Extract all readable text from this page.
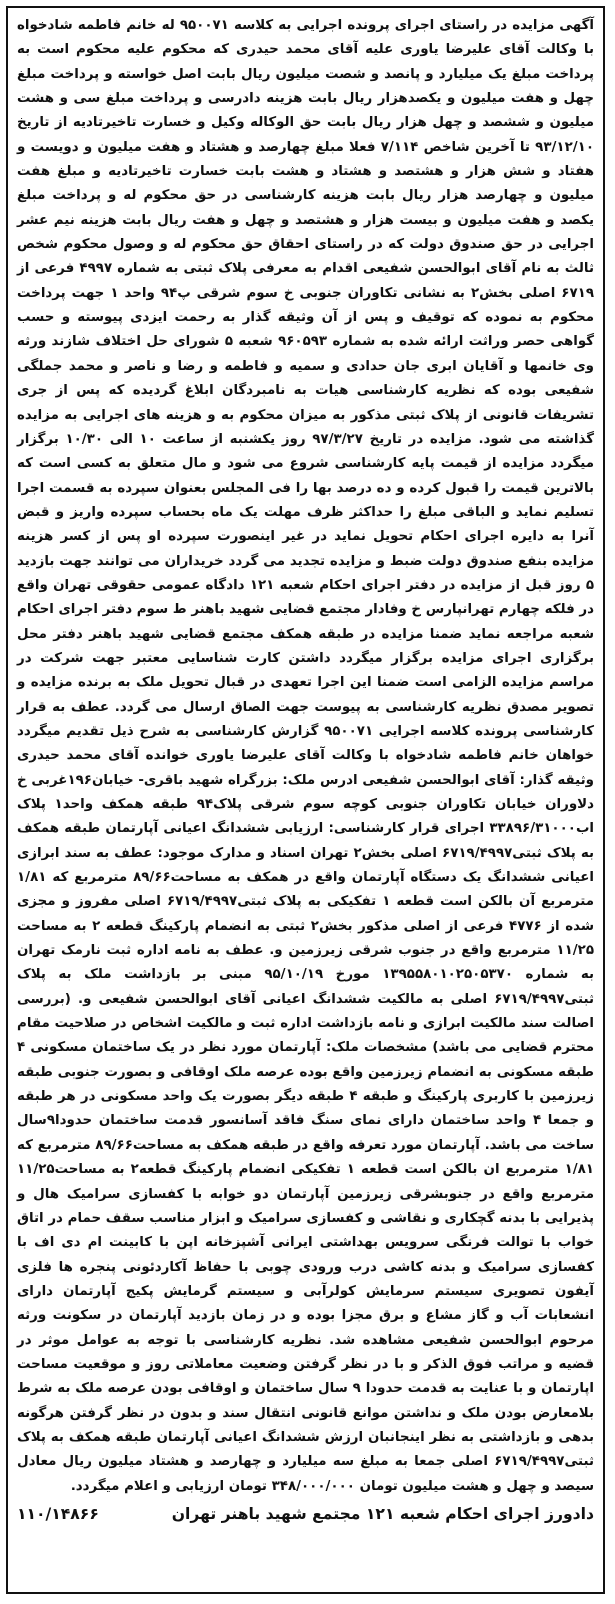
آگهی مزایده در راستای اجرای پرونده اجرایی به کلاسه ۹۵۰۰۷۱ له خانم فاطمه شادخواه با وکالت آقای علیرضا یاوری علیه آقای محمد حیدری که محکوم علیه محکوم است به پرداخت مبلغ یک میلیارد و پانصد و شصت میلیون ریال بابت اصل خواسته و پرداخت مبلغ چهل و هفت میلیون و یکصدهزار ریال بابت هزینه دادرسی و پرداخت مبلغ سی و هشت میلیون و ششصد و چهل هزار ریال بابت حق الوکاله وکیل و خسارت تاخیرتادیه از تاریخ ۹۳/۱۲/۱۰ تا آخرین شاخص ۷/۱۱۴ فعلا مبلغ چهارصد و هشتاد و هفت میلیون و دویست و هفتاد و شش هزار و هشتصد و هشتاد و هشت بابت خسارت تاخیرتادیه و مبلغ هفت میلیون و چهارصد هزار ریال بابت هزینه کارشناسی در حق محکوم له و پرداخت مبلغ یکصد و هفت میلیون و بیست هزار و هشتصد و چهل و هفت ریال بابت هزینه نیم عشر اجرایی در حق صندوق دولت که در راستای احقاق حق محکوم له و وصول محکوم شخص ثالث به نام آقای ابوالحسن شفیعی اقدام به معرفی پلاک ثبتی به شماره ۴۹۹۷ فرعی از ۶۷۱۹ اصلی بخش۲ به نشانی تکاوران جنوبی خ سوم شرقی پ۹۴ واحد ۱ جهت پرداخت محکوم به نموده که توقیف و پس از آن وثیقه گذار به رحمت ایزدی پیوسته و حسب گواهی حصر وراثت ارائه شده به شماره ۹۶۰۵۹۳ شعبه ۵ شورای حل اختلاف شازند ورثه وی خانمها و آقایان ابری جان حدادی و سمیه و فاطمه و رضا و ناصر و محمد جملگی شفیعی بوده که نظریه کارشناسی هیات به نامبردگان ابلاغ گردیده که پس از جری تشریفات قانونی از پلاک ثبتی مذکور به میزان محکوم به و هزینه های اجرایی به مزایده گذاشته می شود. مزایده در تاریخ ۹۷/۳/۲۷ روز یکشنبه از ساعت ۱۰ الی ۱۰/۳۰ برگزار میگردد مزایده از قیمت پایه کارشناسی شروع می شود و مال متعلق به کسی است که بالاترین قیمت را قبول کرده و ده درصد بها را فی المجلس بعنوان سپرده به قسمت اجرا تسلیم نماید و الباقی مبلغ را حداکثر ظرف مهلت یک ماه بحساب سپرده واریز و قبض آنرا به دایره اجرای احکام تحویل نماید در غیر اینصورت سپرده او پس از کسر هزینه مزایده بنفع صندوق دولت ضبط و مزایده تجدید می گردد خریداران می توانند جهت بازدید ۵ روز قبل از مزایده در دفتر اجرای احکام شعبه ۱۲۱ دادگاه عمومی حقوقی تهران واقع در فلکه چهارم تهرانپارس خ وفادار مجتمع قضایی شهید باهنر ط سوم دفتر اجرای احکام شعبه مراجعه نماید ضمنا مزایده در طبقه همکف مجتمع قضایی شهید باهنر دفتر محل برگزاری اجرای مزایده برگزار میگردد داشتن کارت شناسایی معتبر جهت شرکت در مراسم مزایده الزامی است ضمنا این اجرا تعهدی در قبال تحویل ملک به برنده مزایده و تصویر مصدق نظریه کارشناسی به پیوست جهت الصاق ارسال می گردد. عطف به قرار کارشناسی پرونده کلاسه اجرایی ۹۵۰۰۷۱ گزارش کارشناسی به شرح ذیل تقدیم میگردد خواهان خانم فاطمه شادخواه با وکالت آقای علیرضا یاوری خوانده آقای محمد حیدری وثیقه گذار: آقای ابوالحسن شفیعی ادرس ملک: بزرگراه شهید باقری- خیابان۱۹۶غربی خ دلاوران خیابان تکاوران جنوبی کوچه سوم شرقی پلاک۹۴ طبقه همکف واحد۱ پلاک اب۳۳۸۹۶/۳۱۰۰۰ اجرای قرار کارشناسی: ارزیابی ششدانگ اعیانی آپارتمان طبقه همکف به پلاک ثبتی۶۷۱۹/۴۹۹۷ اصلی بخش۲ تهران اسناد و مدارک موجود: عطف به سند ابرازی اعیانی ششدانگ یک دستگاه آپارتمان واقع در همکف به مساحت۸۹/۶۶ مترمربع که ۱/۸۱ مترمربع آن بالکن است قطعه ۱ تفکیکی به پلاک ثبتی۶۷۱۹/۴۹۹۷ اصلی مفروز و مجزی شده از ۴۷۷۶ فرعی از اصلی مذکور بخش۲ ثبتی به انضمام پارکینگ قطعه ۲ به مساحت ۱۱/۲۵ مترمربع واقع در جنوب شرقی زیرزمین و. عطف به نامه اداره ثبت نارمک تهران به شماره ۱۳۹۵۵۸۰۱۰۲۵۰۵۳۷۰ مورخ ۹۵/۱۰/۱۹ مبنی بر بازداشت ملک به پلاک ثبتی۶۷۱۹/۴۹۹۷ اصلی به مالکیت ششدانگ اعیانی آقای ابوالحسن شفیعی و. (بررسی اصالت سند مالکیت ابرازی و نامه بازداشت اداره ثبت و مالکیت اشخاص در صلاحیت مقام محترم قضایی می باشد) مشخصات ملک: آپارتمان مورد نظر در یک ساختمان مسکونی ۴ طبقه مسکونی به انضمام زیرزمین واقع بوده عرصه ملک اوقافی و بصورت جنوبی طبقه زیرزمین با کاربری پارکینگ و طبقه ۴ طبقه دیگر بصورت یک واحد مسکونی در هر طبقه و جمعا ۴ واحد ساختمان دارای نمای سنگ فاقد آسانسور قدمت ساختمان حدودا۹سال ساخت می باشد. آپارتمان مورد تعرفه واقع در طبقه همکف به مساحت۸۹/۶۶ مترمربع که ۱/۸۱ مترمربع ان بالکن است قطعه ۱ تفکیکی انضمام پارکینگ قطعه۲ به مساحت۱۱/۲۵ مترمربع واقع در جنوبشرقی زیرزمین آپارتمان دو خوابه با کفسازی سرامیک هال و پذیرایی با بدنه گچکاری و نقاشی و کفسازی سرامیک و ابزار مناسب سقف حمام در اتاق خواب با توالت فرنگی سرویس بهداشتی ایرانی آشپزخانه اپن با کابینت ام دی اف با کفسازی سرامیک و بدنه کاشی درب ورودی چوبی با حفاظ آکاردئونی پنجره ها فلزی آیفون تصویری سیستم سرمایش کولرآبی و سیستم گرمایش پکیج آپارتمان دارای انشعابات آب و گاز مشاع و برق مجزا بوده و در زمان بازدید آپارتمان در سکونت ورثه مرحوم ابوالحسن شفیعی مشاهده شد. نظریه کارشناسی با توجه به عوامل موثر در قضیه و مراتب فوق الذکر و با در نظر گرفتن وضعیت معاملاتی روز و موقعیت مساحت اپارتمان و با عنایت به قدمت حدودا ۹ سال ساختمان و اوقافی بودن عرصه ملک به شرط بلامعارض بودن ملک و نداشتن موانع قانونی انتقال سند و بدون در نظر گرفتن هرگونه بدهی و بازداشتی به نظر اینجانبان ارزش ششدانگ اعیانی آپارتمان طبقه همکف به پلاک ثبتی۶۷۱۹/۴۹۹۷ اصلی جمعا به مبلغ سه میلیارد و چهارصد و هشتاد میلیون ریال معادل سیصد و چهل و هشت میلیون تومان ۳۴۸/۰۰۰/۰۰۰ تومان ارزیابی و اعلام میگردد.

دادورز اجرای احکام شعبه ۱۲۱ مجتمع شهید باهنر تهران
۱۱۰/۱۴۸۶۶
